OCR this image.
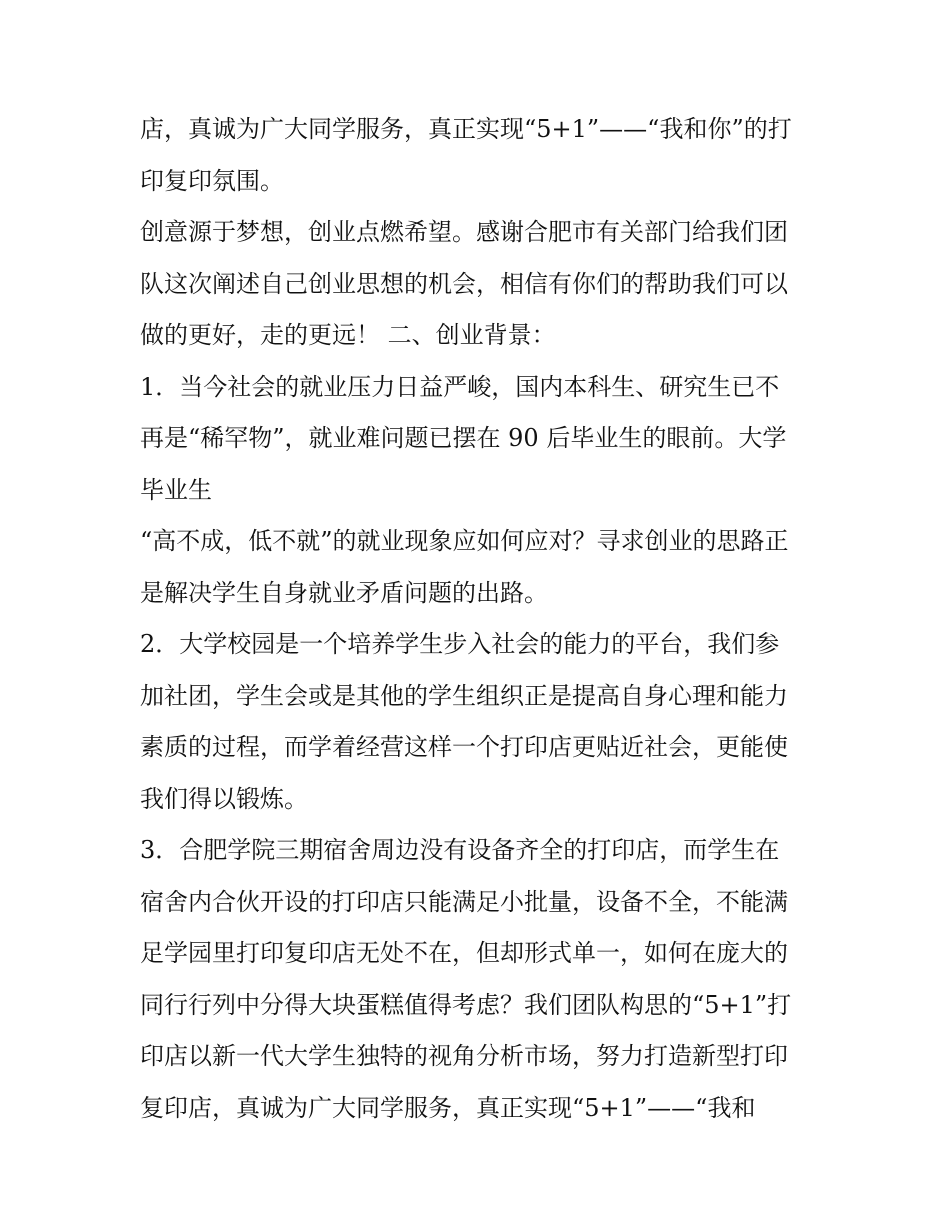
店，真诚为广大同学服务，真正实现“5+1”——“我和你”的打
印复印氛围。
创意源于梦想，创业点燃希望。感谢合肥市有关部门给我们团
队这次阐述自己创业思想的机会，相信有你们的帮助我们可以
做的更好，走的更远！ 二、创业背景：
1．当今社会的就业压力日益严峻，国内本科生、研究生已不
再是“稀罕物”，就业难问题已摆在 90 后毕业生的眼前。大学
毕业生
“高不成，低不就”的就业现象应如何应对？寻求创业的思路正
是解决学生自身就业矛盾问题的出路。
2．大学校园是一个培养学生步入社会的能力的平台，我们参
加社团，学生会或是其他的学生组织正是提高自身心理和能力
素质的过程，而学着经营这样一个打印店更贴近社会，更能使
我们得以锻炼。
3．合肥学院三期宿舍周边没有设备齐全的打印店，而学生在
宿舍内合伙开设的打印店只能满足小批量，设备不全，不能满
足学园里打印复印店无处不在，但却形式单一，如何在庞大的
同行行列中分得大块蛋糕值得考虑？我们团队构思的“5+1”打
印店以新一代大学生独特的视角分析市场，努力打造新型打印
复印店，真诚为广大同学服务，真正实现“5+1”——“我和
